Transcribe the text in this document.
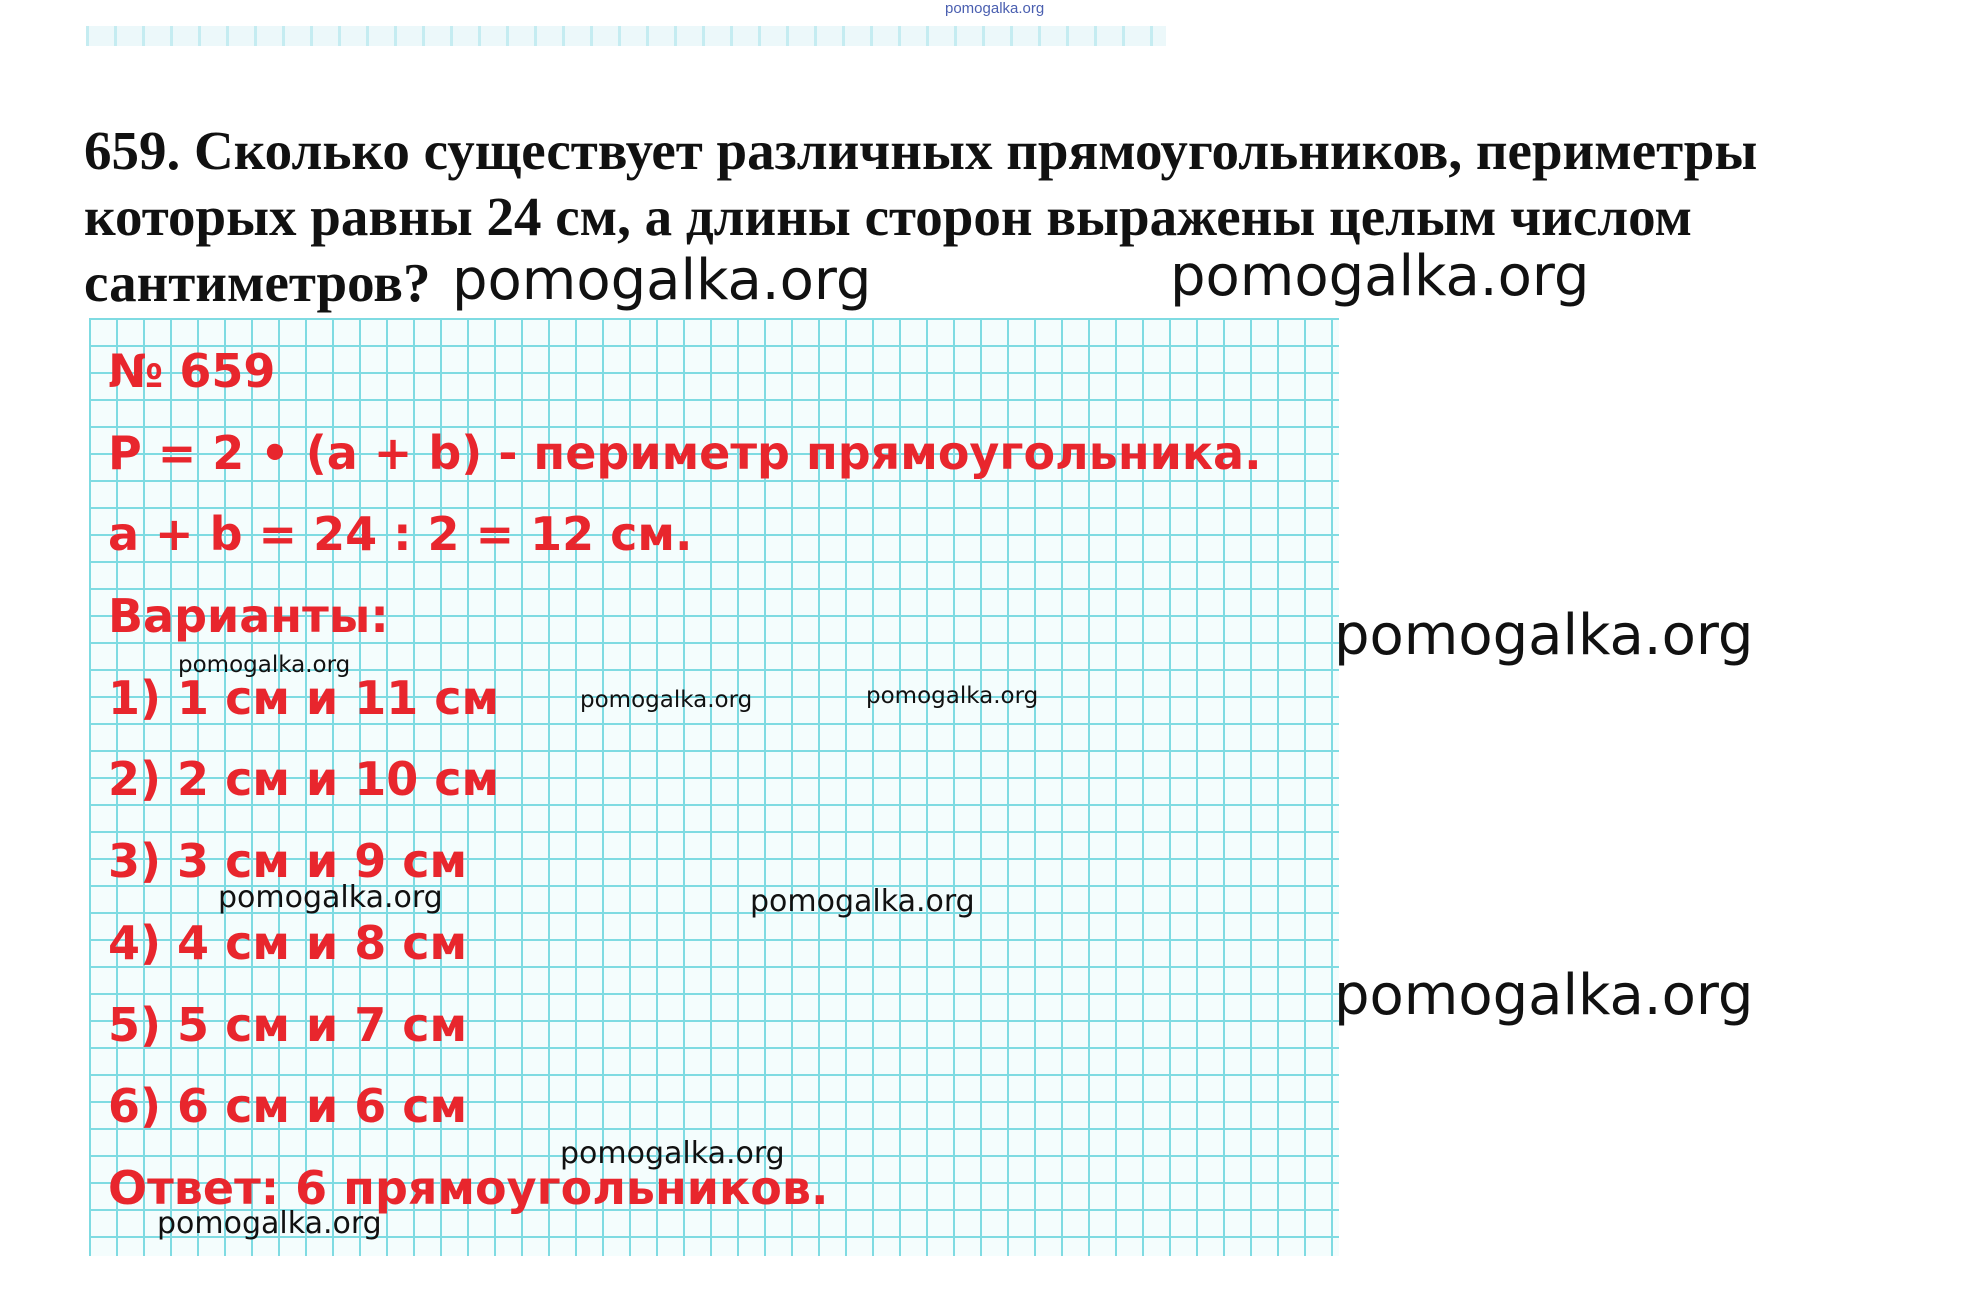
pomogalka.org

659. Сколько существует различных прямоугольников, периметры которых равны 24 см, а длины сторон выражены целым числом сантиметров?

№ 659

P = 2 • (a + b) - периметр прямоугольника.

a + b = 24 : 2 = 12 см.

Варианты:

1) 1 см и 11 см

2) 2 см и 10 см

3) 3 см и 9 см

4) 4 см и 8 см

5) 5 см и 7 см

6) 6 см и 6 см

Ответ: 6 прямоугольников.

pomogalka.org	pomogalka.org
pomogalka.org
pomogalka.org
pomogalka.org
pomogalka.org	pomogalka.org
pomogalka.org	pomogalka.org
pomogalka.org
pomogalka.org
